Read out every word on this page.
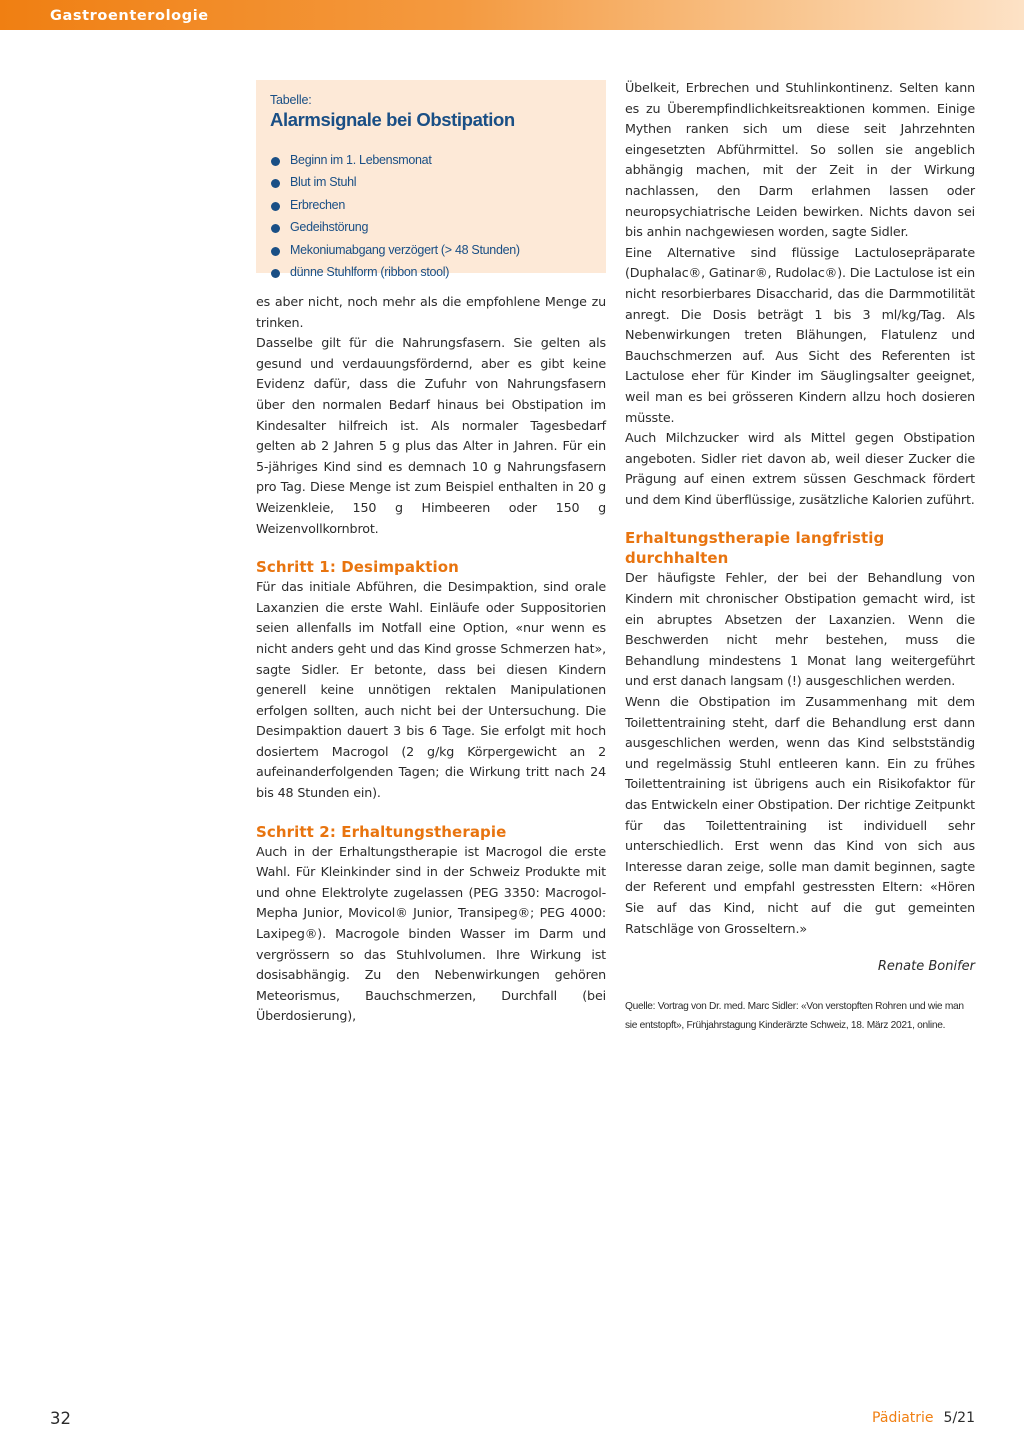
Gastroenterologie
Tabelle:
Alarmsignale bei Obstipation
Beginn im 1. Lebensmonat
Blut im Stuhl
Erbrechen
Gedeihstörung
Mekoniumabgang verzögert (> 48 Stunden)
dünne Stuhlform (ribbon stool)

es aber nicht, noch mehr als die empfohlene Menge zu trinken.

Dasselbe gilt für die Nahrungsfasern. Sie gelten als gesund und verdauungsfördernd, aber es gibt keine Evidenz dafür, dass die Zufuhr von Nahrungsfasern über den normalen Bedarf hinaus bei Obstipation im Kindesalter hilfreich ist. Als normaler Tagesbedarf gelten ab 2 Jahren 5 g plus das Alter in Jahren. Für ein 5-jähriges Kind sind es demnach 10 g Nahrungsfasern pro Tag. Diese Menge ist zum Beispiel enthalten in 20 g Weizenkleie, 150 g Himbeeren oder 150 g Weizenvollkornbrot.

Schritt 1: Desimpaktion

Für das initiale Abführen, die Desimpaktion, sind orale Laxanzien die erste Wahl. Einläufe oder Suppositorien seien allenfalls im Notfall eine Option, «nur wenn es nicht anders geht und das Kind grosse Schmerzen hat», sagte Sidler. Er betonte, dass bei diesen Kindern generell keine unnötigen rektalen Manipulationen erfolgen sollten, auch nicht bei der Untersuchung. Die Desimpaktion dauert 3 bis 6 Tage. Sie erfolgt mit hoch dosiertem Macrogol (2 g/kg Körpergewicht an 2 aufeinanderfolgenden Tagen; die Wirkung tritt nach 24 bis 48 Stunden ein).

Schritt 2: Erhaltungstherapie

Auch in der Erhaltungstherapie ist Macrogol die erste Wahl. Für Kleinkinder sind in der Schweiz Produkte mit und ohne Elektrolyte zugelassen (PEG 3350: Macrogol-Mepha Junior, Movicol® Junior, Transipeg®; PEG 4000: Laxipeg®). Macrogole binden Wasser im Darm und vergrössern so das Stuhlvolumen. Ihre Wirkung ist dosisabhängig. Zu den Nebenwirkungen gehören Meteorismus, Bauchschmerzen, Durchfall (bei Überdosierung),

Übelkeit, Erbrechen und Stuhlinkontinenz. Selten kann es zu Überempfindlichkeitsreaktionen kommen. Einige Mythen ranken sich um diese seit Jahrzehnten eingesetzten Abführmittel. So sollen sie angeblich abhängig machen, mit der Zeit in der Wirkung nachlassen, den Darm erlahmen lassen oder neuropsychiatrische Leiden bewirken. Nichts davon sei bis anhin nachgewiesen worden, sagte Sidler.

Eine Alternative sind flüssige Lactulosepräparate (Duphalac®, Gatinar®, Rudolac®). Die Lactulose ist ein nicht resorbierbares Disaccharid, das die Darmmotilität anregt. Die Dosis beträgt 1 bis 3 ml/kg/Tag. Als Nebenwirkungen treten Blähungen, Flatulenz und Bauchschmerzen auf. Aus Sicht des Referenten ist Lactulose eher für Kinder im Säuglingsalter geeignet, weil man es bei grösseren Kindern allzu hoch dosieren müsste.

Auch Milchzucker wird als Mittel gegen Obstipation angeboten. Sidler riet davon ab, weil dieser Zucker die Prägung auf einen extrem süssen Geschmack fördert und dem Kind überflüssige, zusätzliche Kalorien zuführt.

Erhaltungstherapie langfristig durchhalten

Der häufigste Fehler, der bei der Behandlung von Kindern mit chronischer Obstipation gemacht wird, ist ein abruptes Absetzen der Laxanzien. Wenn die Beschwerden nicht mehr bestehen, muss die Behandlung mindestens 1 Monat lang weitergeführt und erst danach langsam (!) ausgeschlichen werden.

Wenn die Obstipation im Zusammenhang mit dem Toilettentraining steht, darf die Behandlung erst dann ausgeschlichen werden, wenn das Kind selbstständig und regelmässig Stuhl entleeren kann. Ein zu frühes Toilettentraining ist übrigens auch ein Risikofaktor für das Entwickeln einer Obstipation. Der richtige Zeitpunkt für das Toilettentraining ist individuell sehr unterschiedlich. Erst wenn das Kind von sich aus Interesse daran zeige, solle man damit beginnen, sagte der Referent und empfahl gestressten Eltern: «Hören Sie auf das Kind, nicht auf die gut gemeinten Ratschläge von Grosseltern.»

Renate Bonifer
Quelle: Vortrag von Dr. med. Marc Sidler: «Von verstopften Rohren und wie man sie entstopft», Frühjahrstagung Kinderärzte Schweiz, 18. März 2021, online.
32	Pädiatrie 5/21
